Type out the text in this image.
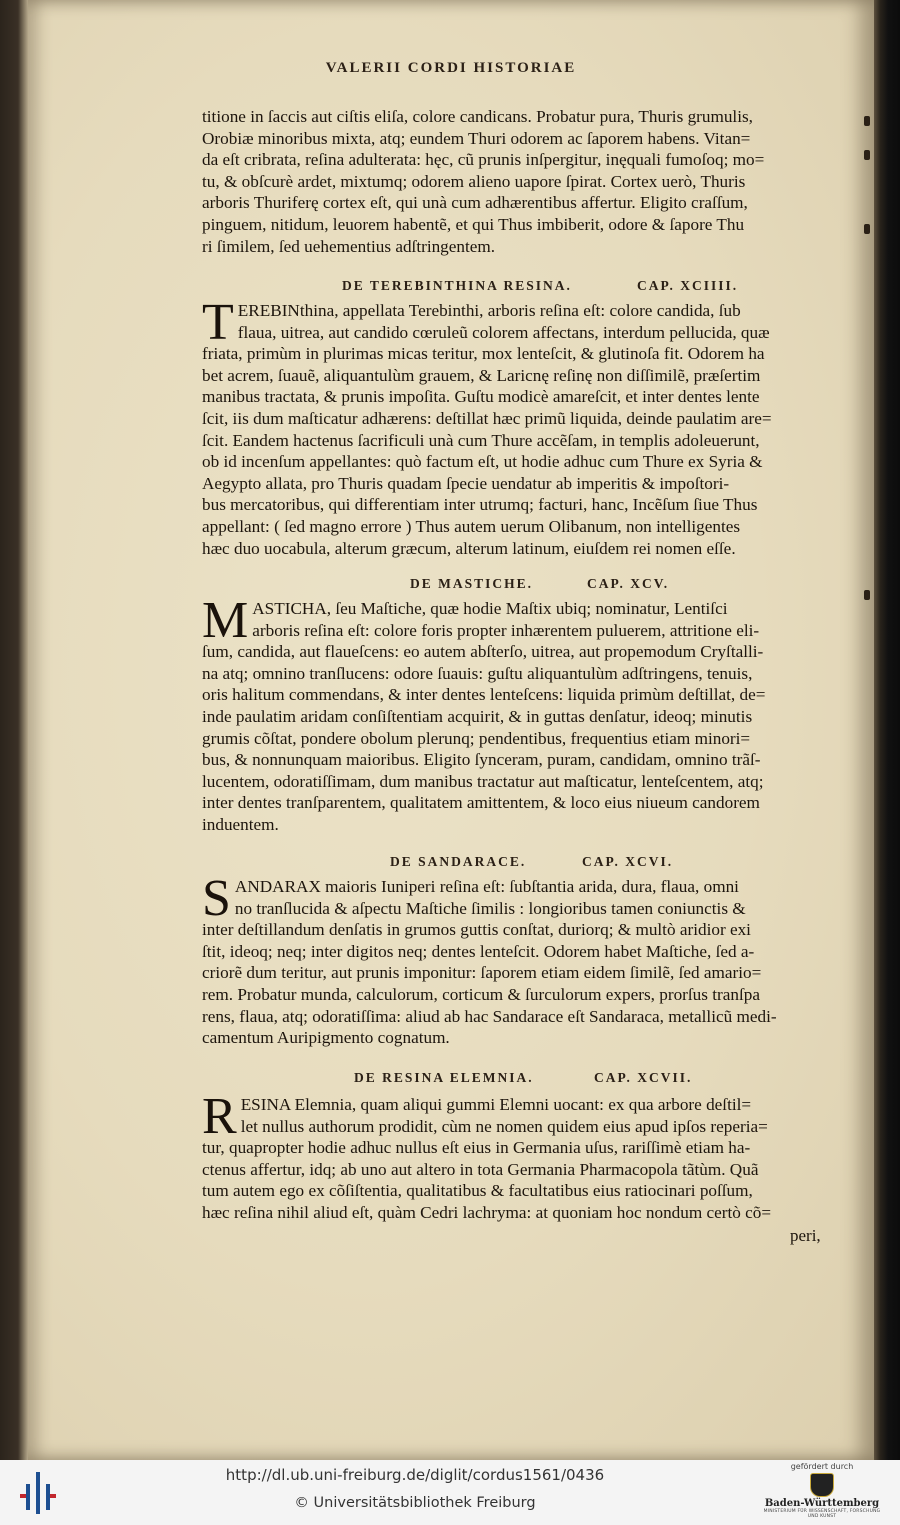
VALERII CORDI HISTORIAE
titione in ſaccis aut ciſtis eliſa, colore candicans. Probatur pura, Thuris grumulis,
Orobiæ minoribus mixta, atq; eundem Thuri odorem ac ſaporem habens. Vitan=
da eſt cribrata, reſina adulterata: hęc, cũ prunis inſpergitur, inęquali fumoſoq; mo=
tu, & obſcurè ardet, mixtumq; odorem alieno uapore ſpirat. Cortex uerò, Thuris
arboris Thuriferę cortex eſt, qui unà cum adhærentibus affertur. Eligito craſſum,
pinguem, nitidum, leuorem habentẽ, et qui Thus imbiberit, odore & ſapore Thu
ri ſimilem, ſed uehementius adſtringentem.
DE TEREBINTHINA RESINA.	CAP. XCIIII.
T EREBINthina, appellata Terebinthi, arboris reſina eſt: colore candida, ſub
flaua, uitrea, aut candido cœruleũ colorem affectans, interdum pellucida, quæ
friata, primùm in plurimas micas teritur, mox lenteſcit, & glutinoſa fit. Odorem ha
bet acrem, ſuauẽ, aliquantulùm grauem, & Laricnę reſinę non diſſimilẽ, præſertim
manibus tractata, & prunis impoſita. Guſtu modicè amareſcit, et inter dentes lente
ſcit, iis dum maſticatur adhærens: deſtillat hæc primũ liquida, deinde paulatim are=
ſcit. Eandem hactenus ſacrificuli unà cum Thure accẽſam, in templis adoleuerunt,
ob id incenſum appellantes: quò factum eſt, ut hodie adhuc cum Thure ex Syria &
Aegypto allata, pro Thuris quadam ſpecie uendatur ab imperitis & impoſtori-
bus mercatoribus, qui differentiam inter utrumq; facturi, hanc, Incẽſum ſiue Thus
appellant: ( ſed magno errore ) Thus autem uerum Olibanum, non intelligentes
hæc duo uocabula, alterum græcum, alterum latinum, eiuſdem rei nomen eſſe.
DE MASTICHE.	CAP. XCV.
M ASTICHA, ſeu Maſtiche, quæ hodie Maſtix ubiq; nominatur, Lentiſci
arboris reſina eſt: colore foris propter inhærentem puluerem, attritione eli-
ſum, candida, aut flaueſcens: eo autem abſterſo, uitrea, aut propemodum Cryſtalli-
na atq; omnino tranſlucens: odore ſuauis: guſtu aliquantulùm adſtringens, tenuis,
oris halitum commendans, & inter dentes lenteſcens: liquida primùm deſtillat, de=
inde paulatim aridam conſiſtentiam acquirit, & in guttas denſatur, ideoq; minutis
grumis cõſtat, pondere obolum plerunq; pendentibus, frequentius etiam minori=
bus, & nonnunquam maioribus. Eligito ſynceram, puram, candidam, omnino trãſ-
lucentem, odoratiſſimam, dum manibus tractatur aut maſticatur, lenteſcentem, atq;
inter dentes tranſparentem, qualitatem amittentem, & loco eius niueum candorem
induentem.
DE SANDARACE.	CAP. XCVI.
S ANDARAX maioris Iuniperi reſina eſt: ſubſtantia arida, dura, flaua, omni
no tranſlucida & aſpectu Maſtiche ſimilis : longioribus tamen coniunctis &
inter deſtillandum denſatis in grumos guttis conſtat, duriorq; & multò aridior exi
ſtit, ideoq; neq; inter digitos neq; dentes lenteſcit. Odorem habet Maſtiche, ſed a-
criorẽ dum teritur, aut prunis imponitur: ſaporem etiam eidem ſimilẽ, ſed amario=
rem. Probatur munda, calculorum, corticum & ſurculorum expers, prorſus tranſpa
rens, flaua, atq; odoratiſſima: aliud ab hac Sandarace eſt Sandaraca, metallicũ medi-
camentum Auripigmento cognatum.
DE RESINA ELEMNIA.	CAP. XCVII.
R ESINA Elemnia, quam aliqui gummi Elemni uocant: ex qua arbore deſtil=
let nullus authorum prodidit, cùm ne nomen quidem eius apud ipſos reperia=
tur, quapropter hodie adhuc nullus eſt eius in Germania uſus, rariſſimè etiam ha-
ctenus affertur, idq; ab uno aut altero in tota Germania Pharmacopola tãtùm. Quã
tum autem ego ex cõſiſtentia, qualitatibus & facultatibus eius ratiocinari poſſum,
hæc reſina nihil aliud eſt, quàm Cedri lachryma: at quoniam hoc nondum certò cõ=
peri,
http://dl.ub.uni-freiburg.de/diglit/cordus1561/0436
© Universitätsbibliothek Freiburg
gefördert durch
Baden-Württemberg
MINISTERIUM FÜR WISSENSCHAFT, FORSCHUNG UND KUNST
